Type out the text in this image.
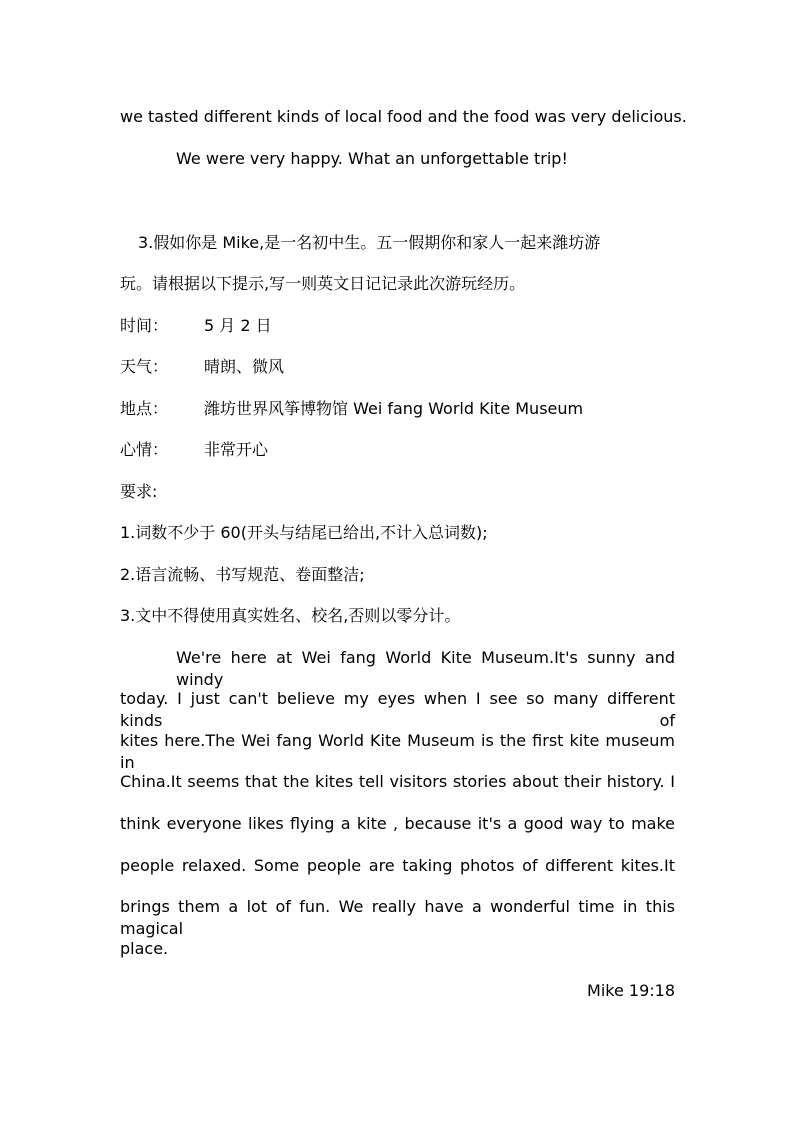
we tasted different kinds of local food and the food was very delicious.
We were very happy. What an unforgettable trip!
3.假如你是 Mike,是一名初中生。五一假期你和家人一起来潍坊游
玩。请根据以下提示,写一则英文日记记录此次游玩经历。
时间： 5 月 2 日
天气： 晴朗、微风
地点： 潍坊世界风筝博物馆 Wei fang World Kite Museum
心情： 非常开心
要求:
1.词数不少于 60(开头与结尾已给出,不计入总词数);
2.语言流畅、书写规范、卷面整洁;
3.文中不得使用真实姓名、校名,否则以零分计。
We're here at Wei fang World Kite Museum.It's sunny and windy
today. I just can't believe my eyes when I see so many different kinds of
kites here.The Wei fang World Kite Museum is the first kite museum in
China.It seems that the kites tell visitors stories about their history. I
think everyone likes flying a kite , because it's a good way to make
people relaxed. Some people are taking photos of different kites.It
brings them a lot of fun. We really have a wonderful time in this magical
place.
Mike 19:18
